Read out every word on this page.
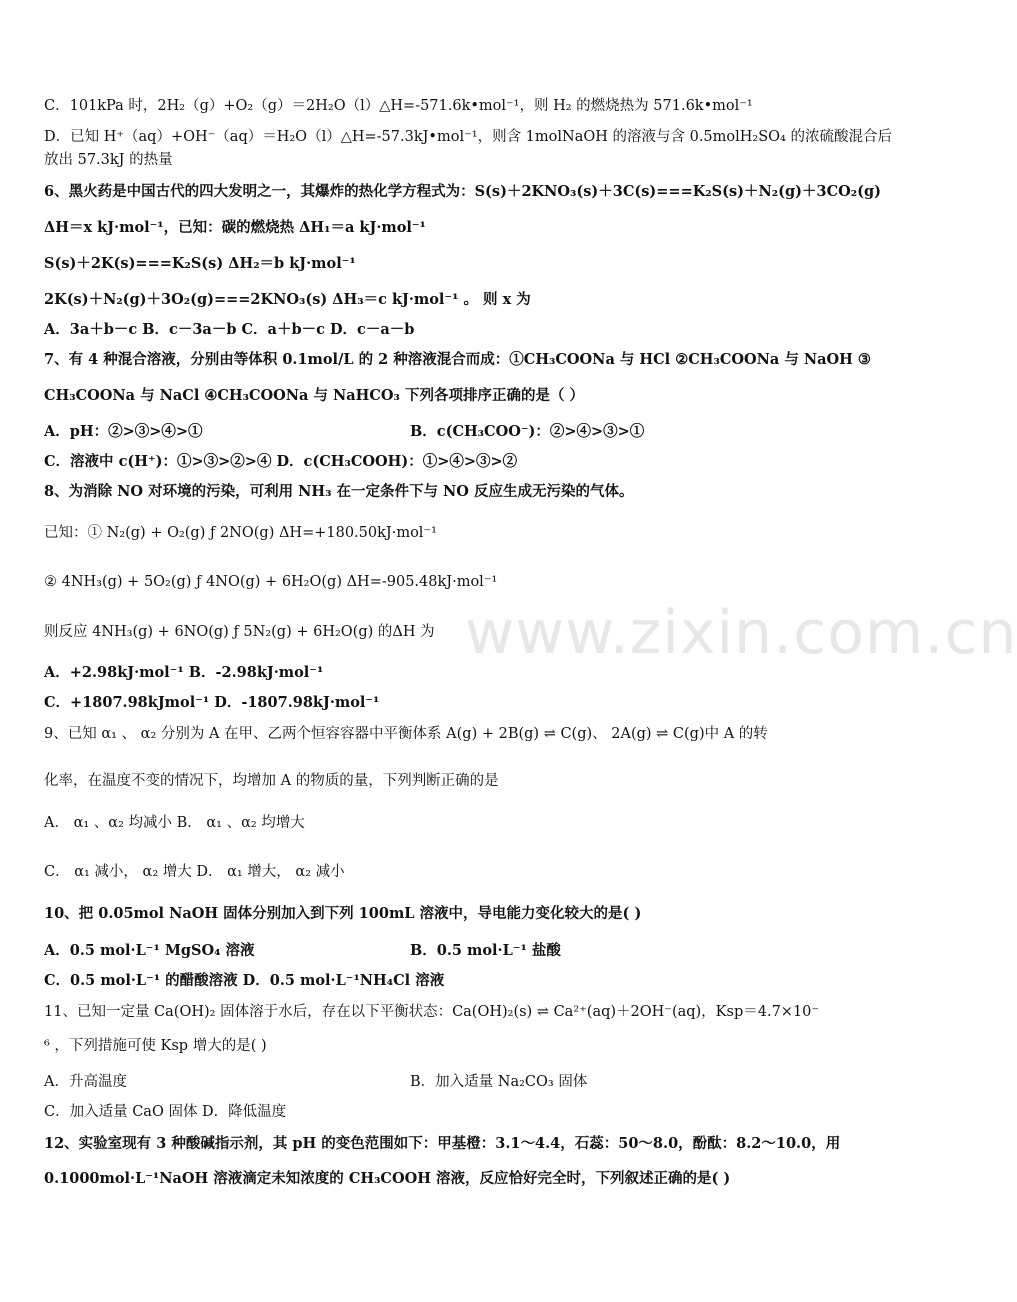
www.zixin.com.cn
C．101kPa 时，2H₂（g）+O₂（g）＝2H₂O（l）△H=-571.6k•mol⁻¹，则 H₂ 的燃烧热为 571.6k•mol⁻¹
D．已知 H⁺（aq）+OH⁻（aq）＝H₂O（l）△H=-57.3kJ•mol⁻¹，则含 1molNaOH 的溶液与含 0.5molH₂SO₄ 的浓硫酸混合后
放出 57.3kJ 的热量
6、黑火药是中国古代的四大发明之一，其爆炸的热化学方程式为：S(s)＋2KNO₃(s)＋3C(s)===K₂S(s)＋N₂(g)＋3CO₂(g)
ΔH＝x kJ·mol⁻¹，已知：碳的燃烧热 ΔH₁＝a kJ·mol⁻¹
S(s)＋2K(s)===K₂S(s) ΔH₂＝b kJ·mol⁻¹
2K(s)＋N₂(g)＋3O₂(g)===2KNO₃(s) ΔH₃＝c kJ·mol⁻¹ 。 则 x 为
A．3a＋b－c B．c－3a－b C．a＋b－c D．c－a－b
7、有 4 种混合溶液，分别由等体积 0.1mol/L 的 2 种溶液混合而成：①CH₃COONa 与 HCl ②CH₃COONa 与 NaOH ③
CH₃COONa 与 NaCl ④CH₃COONa 与 NaHCO₃ 下列各项排序正确的是（ ）
A．pH：②>③>④>①	B．c(CH₃COO⁻)：②>④>③>①
C．溶液中 c(H⁺)：①>③>②>④ D．c(CH₃COOH)：①>④>③>②
8、为消除 NO 对环境的污染，可利用 NH₃ 在一定条件下与 NO 反应生成无污染的气体。
已知：① N₂(g) + O₂(g) ƒ 2NO(g) ΔH=+180.50kJ·mol⁻¹
② 4NH₃(g) + 5O₂(g) ƒ 4NO(g) + 6H₂O(g) ΔH=-905.48kJ·mol⁻¹
则反应 4NH₃(g) + 6NO(g) ƒ 5N₂(g) + 6H₂O(g) 的ΔH 为
A．+2.98kJ·mol⁻¹ B．-2.98kJ·mol⁻¹
C．+1807.98kJmol⁻¹ D．-1807.98kJ·mol⁻¹
9、已知 α₁ 、 α₂ 分别为 A 在甲、乙两个恒容容器中平衡体系 A(g) + 2B(g) ⇌ C(g)、 2A(g) ⇌ C(g)中 A 的转
化率，在温度不变的情况下，均增加 A 的物质的量，下列判断正确的是
A． α₁ 、α₂ 均减小 B． α₁ 、α₂ 均增大
C． α₁ 减小， α₂ 增大 D． α₁ 增大， α₂ 减小
10、把 0.05mol NaOH 固体分别加入到下列 100mL 溶液中，导电能力变化较大的是( )
A．0.5 mol·L⁻¹ MgSO₄ 溶液	B．0.5 mol·L⁻¹ 盐酸
C．0.5 mol·L⁻¹ 的醋酸溶液 D．0.5 mol·L⁻¹NH₄Cl 溶液
11、已知一定量 Ca(OH)₂ 固体溶于水后，存在以下平衡状态：Ca(OH)₂(s) ⇌ Ca²⁺(aq)＋2OH⁻(aq)，Ksp＝4.7×10⁻
⁶ ，下列措施可使 Ksp 增大的是( )
A．升高温度	B．加入适量 Na₂CO₃ 固体
C．加入适量 CaO 固体 D．降低温度
12、实验室现有 3 种酸碱指示剂，其 pH 的变色范围如下：甲基橙：3.1～4.4，石蕊：50～8.0，酚酞：8.2～10.0，用
0.1000mol·L⁻¹NaOH 溶液滴定未知浓度的 CH₃COOH 溶液，反应恰好完全时，下列叙述正确的是( )
